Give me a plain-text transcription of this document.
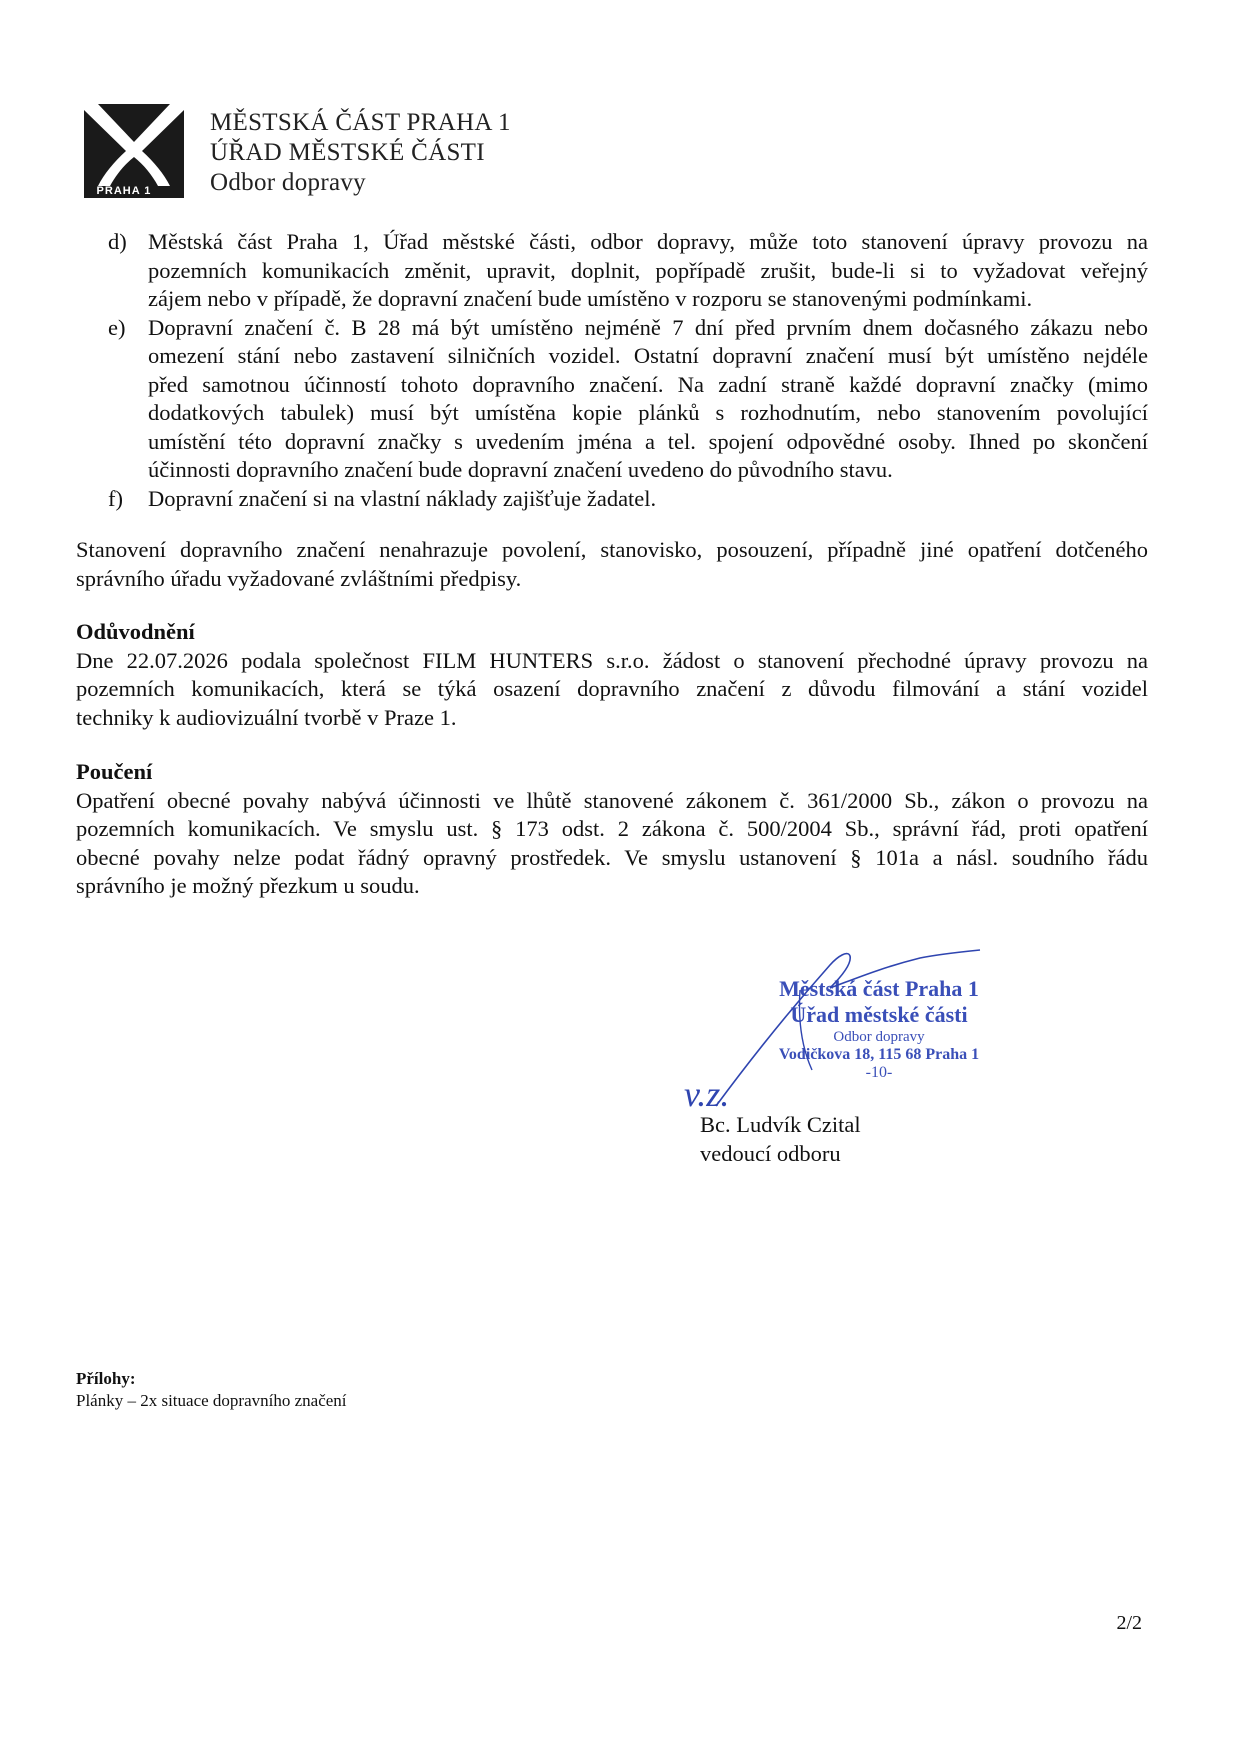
PRAHA 1
MĚSTSKÁ ČÁST PRAHA 1
ÚŘAD MĚSTSKÉ ČÁSTI
Odbor dopravy
d) Městská část Praha 1, Úřad městské části, odbor dopravy, může toto stanovení úpravy provozu na
pozemních komunikacích změnit, upravit, doplnit, popřípadě zrušit, bude-li si to vyžadovat veřejný
zájem nebo v případě, že dopravní značení bude umístěno v rozporu se stanovenými podmínkami.
e) Dopravní značení č. B 28 má být umístěno nejméně 7 dní před prvním dnem dočasného zákazu nebo
omezení stání nebo zastavení silničních vozidel. Ostatní dopravní značení musí být umístěno nejdéle
před samotnou účinností tohoto dopravního značení. Na zadní straně každé dopravní značky (mimo
dodatkových tabulek) musí být umístěna kopie plánků s rozhodnutím, nebo stanovením povolující
umístění této dopravní značky s uvedením jména a tel. spojení odpovědné osoby. Ihned po skončení
účinnosti dopravního značení bude dopravní značení uvedeno do původního stavu.
f) Dopravní značení si na vlastní náklady zajišťuje žadatel.
Stanovení dopravního značení nenahrazuje povolení, stanovisko, posouzení, případně jiné opatření dotčeného
správního úřadu vyžadované zvláštními předpisy.
Odůvodnění
Dne 22.07.2026 podala společnost FILM HUNTERS s.r.o. žádost o stanovení přechodné úpravy provozu na
pozemních komunikacích, která se týká osazení dopravního značení z důvodu filmování a stání vozidel
techniky k audiovizuální tvorbě v Praze 1.
Poučení
Opatření obecné povahy nabývá účinnosti ve lhůtě stanovené zákonem č. 361/2000 Sb., zákon o provozu na
pozemních komunikacích. Ve smyslu ust. § 173 odst. 2 zákona č. 500/2004 Sb., správní řád, proti opatření
obecné povahy nelze podat řádný opravný prostředek. Ve smyslu ustanovení § 101a a násl. soudního řádu
správního je možný přezkum u soudu.
Městská část Praha 1
Úřad městské části
Odbor dopravy
Vodičkova 18, 115 68 Praha 1
-10-
v.z.
Bc. Ludvík Czital
vedoucí odboru
Přílohy:
Plánky – 2x situace dopravního značení
2/2
